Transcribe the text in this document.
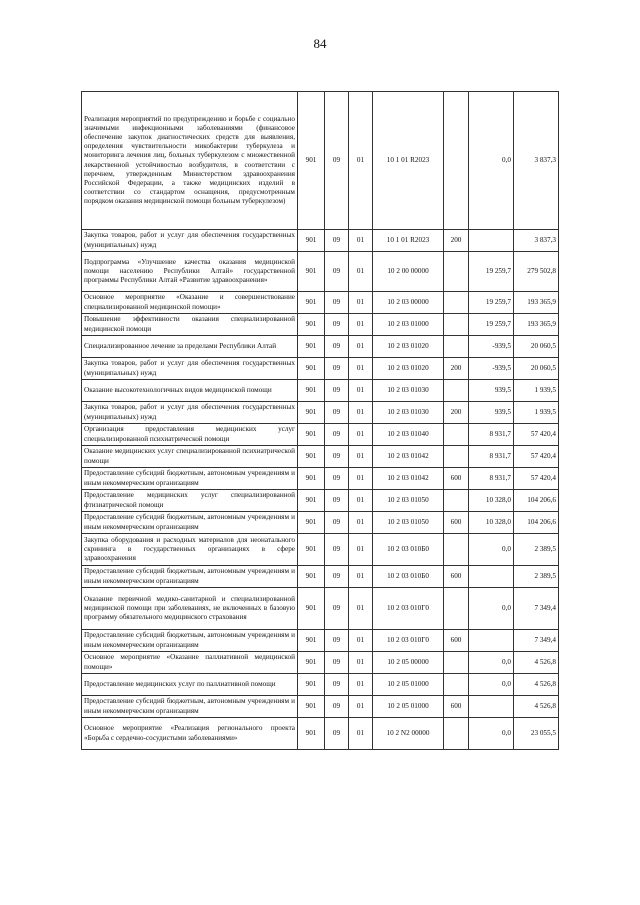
84
Реализация мероприятий по предупреждению и борьбе с социально значимыми инфекционными заболеваниями (финансовое обеспечение закупок диагностических средств для выявления, определения чувствительности микобактерии туберкулеза и мониторинга лечения лиц, больных туберкулезом с множественной лекарственной устойчивостью возбудителя, в соответствии с перечнем, утвержденным Министерством здравоохранения Российской Федерации, а также медицинских изделий в соответствии со стандартом оснащения, предусмотренным порядком оказания медицинской помощи больным туберкулезом)	901	09	01	10 1 01 R2023		0,0	3 837,3
Закупка товаров, работ и услуг для обеспечения государственных (муниципальных) нужд	901	09	01	10 1 01 R2023	200		3 837,3
Подпрограмма «Улучшение качества оказания медицинской помощи населению Республики Алтай» государственной программы Республики Алтай «Развитие здравоохранения»	901	09	01	10 2 00 00000		19 259,7	279 502,8
Основное мероприятие «Оказание и совершенствование специализированной медицинской помощи»	901	09	01	10 2 03 00000		19 259,7	193 365,9
Повышение эффективности оказания специализированной медицинской помощи	901	09	01	10 2 03 01000		19 259,7	193 365,9
Специализированное лечение за пределами Республики Алтай	901	09	01	10 2 03 01020		-939,5	20 060,5
Закупка товаров, работ и услуг для обеспечения государственных (муниципальных) нужд	901	09	01	10 2 03 01020	200	-939,5	20 060,5
Оказание высокотехнологичных видов медицинской помощи	901	09	01	10 2 03 01030		939,5	1 939,5
Закупка товаров, работ и услуг для обеспечения государственных (муниципальных) нужд	901	09	01	10 2 03 01030	200	939,5	1 939,5
Организация предоставления медицинских услуг специализированной психиатрической помощи	901	09	01	10 2 03 01040		8 931,7	57 420,4
Оказание медицинских услуг специализированной психиатрической помощи	901	09	01	10 2 03 01042		8 931,7	57 420,4
Предоставление субсидий бюджетным, автономным учреждениям и иным некоммерческим организациям	901	09	01	10 2 03 01042	600	8 931,7	57 420,4
Предоставление медицинских услуг специализированной фтизиатрической помощи	901	09	01	10 2 03 01050		10 328,0	104 206,6
Предоставление субсидий бюджетным, автономным учреждениям и иным некоммерческим организациям	901	09	01	10 2 03 01050	600	10 328,0	104 206,6
Закупка оборудования и расходных материалов для неонатального скрининга в государственных организациях в сфере здравоохранения	901	09	01	10 2 03 010Б0		0,0	2 389,5
Предоставление субсидий бюджетным, автономным учреждениям и иным некоммерческим организациям	901	09	01	10 2 03 010Б0	600		2 389,5
Оказание первичной медико-санитарной и специализированной медицинской помощи при заболеваниях, не включенных в базовую программу обязательного медицинского страхования	901	09	01	10 2 03 010Г0		0,0	7 349,4
Предоставление субсидий бюджетным, автономным учреждениям и иным некоммерческим организациям	901	09	01	10 2 03 010Г0	600		7 349,4
Основное мероприятие «Оказание паллиативной медицинской помощи»	901	09	01	10 2 05 00000		0,0	4 526,8
Предоставление медицинских услуг по паллиативной помощи	901	09	01	10 2 05 01000		0,0	4 526,8
Предоставление субсидий бюджетным, автономным учреждениям и иным некоммерческим организациям	901	09	01	10 2 05 01000	600		4 526,8
Основное мероприятие «Реализация регионального проекта «Борьба с сердечно-сосудистыми заболеваниями»	901	09	01	10 2 N2 00000		0,0	23 055,5
